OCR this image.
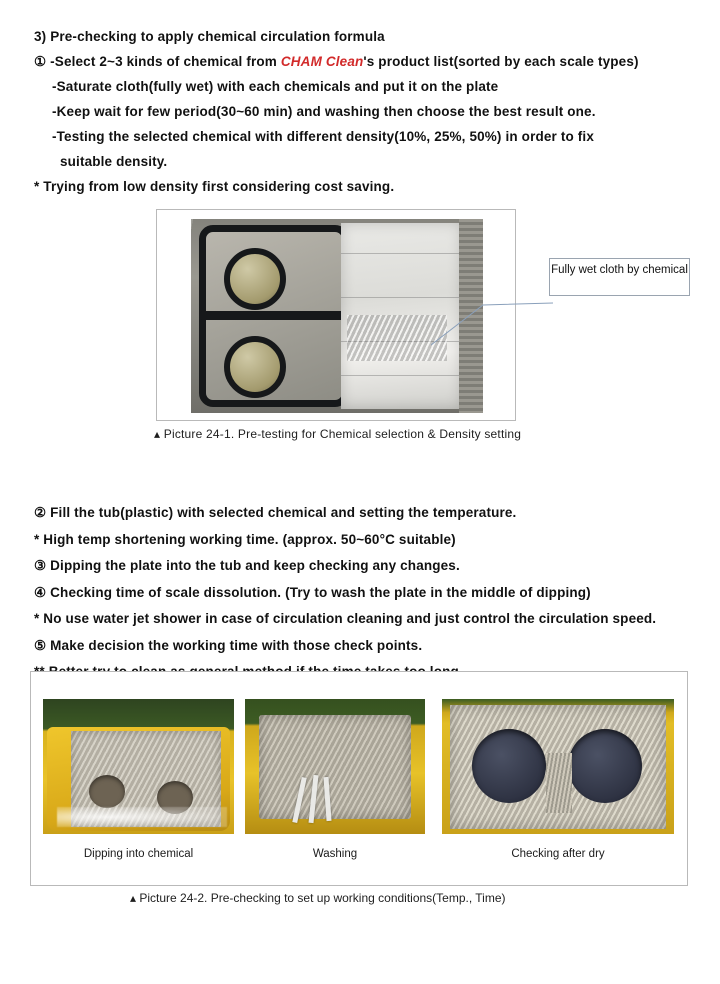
3) Pre-checking to apply chemical circulation formula
① -Select 2~3 kinds of chemical from CHAM Clean's product list(sorted by each scale types)
-Saturate cloth(fully wet) with each chemicals and put it on the plate
-Keep wait for few period(30~60 min) and washing then choose the best result one.
-Testing the selected chemical with different density(10%, 25%, 50%) in order to fix
suitable density.
* Trying from low density first considering cost saving.
Fully wet cloth by chemical
▴ Picture 24-1. Pre-testing for Chemical selection & Density setting
② Fill the tub(plastic) with selected chemical and setting the temperature.
* High temp shortening working time. (approx. 50~60°C suitable)
③ Dipping the plate into the tub and keep checking any changes.
④ Checking time of scale dissolution. (Try to wash the plate in the middle of dipping)
* No use water jet shower in case of circulation cleaning and just control the circulation speed.
⑤ Make decision the working time with those check points.
Dipping into chemical	Washing	Checking after dry
▴ Picture 24-2. Pre-checking to set up working conditions(Temp., Time)
